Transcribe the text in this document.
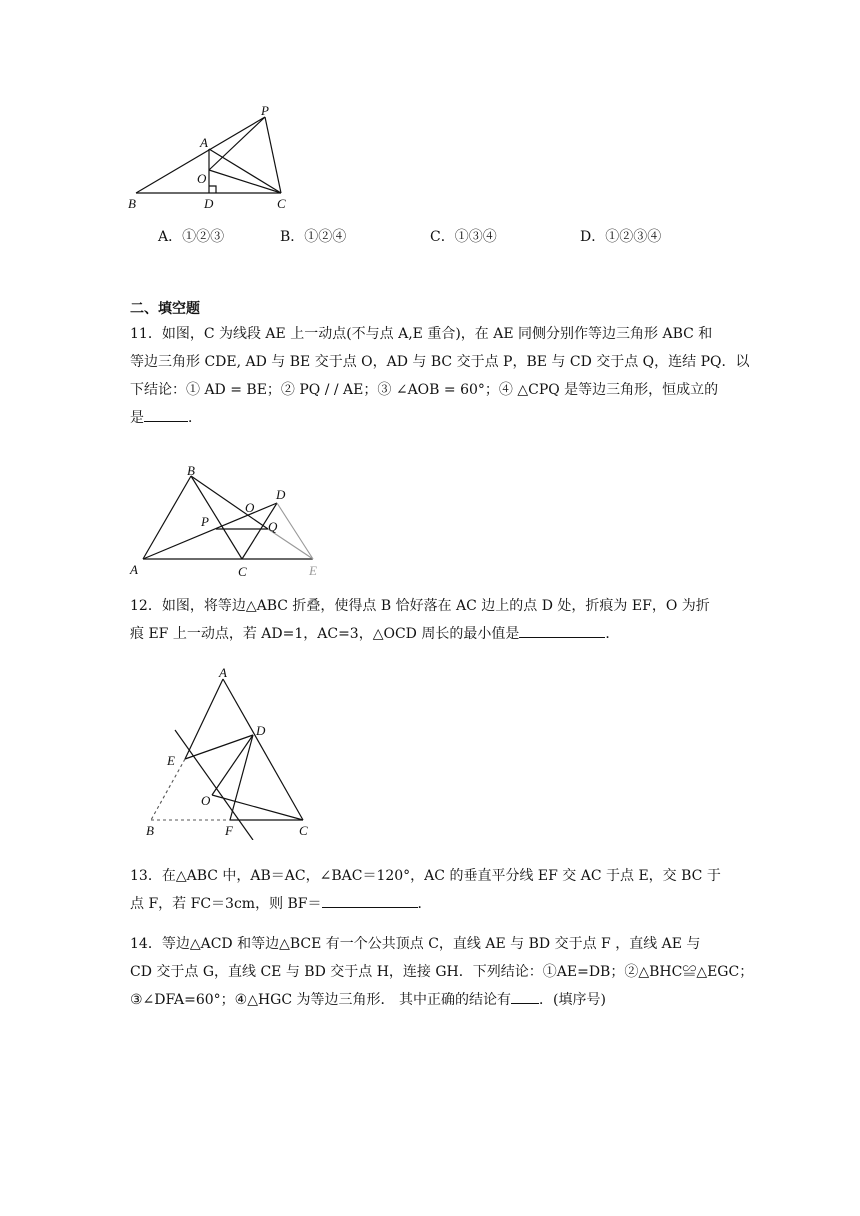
P
A
O
B	D	C
A．①②③	B．①②④	C．①③④	D．①②③④
二、填空题
11．如图，C 为线段 AE 上一动点(不与点 A,E 重合)，在 AE 同侧分别作等边三角形 ABC 和
等边三角形 CDE, AD 与 BE 交于点 O，AD 与 BC 交于点 P，BE 与 CD 交于点 Q，连结 PQ．以
下结论：① AD = BE；② PQ / / AE；③ ∠AOB = 60°；④ △CPQ 是等边三角形，恒成立的
是	．
B
D
O
P	Q
A	C	E
12．如图，将等边△ABC 折叠，使得点 B 恰好落在 AC 边上的点 D 处，折痕为 EF，O 为折
痕 EF 上一动点，若 AD=1，AC=3，△OCD 周长的最小值是	．
A
D
E
O
B	F	C
13．在△ABC 中，AB＝AC，∠BAC＝120°，AC 的垂直平分线 EF 交 AC 于点 E，交 BC 于
点 F，若 FC＝3cm，则 BF＝	．
14．等边△ACD 和等边△BCE 有一个公共顶点 C，直线 AE 与 BD 交于点 F ，直线 AE 与
CD 交于点 G，直线 CE 与 BD 交于点 H，连接 GH．下列结论：①AE=DB；②△BHC≌△EGC；
③∠DFA=60°；④△HGC 为等边三角形． 其中正确的结论有 ．(填序号)
